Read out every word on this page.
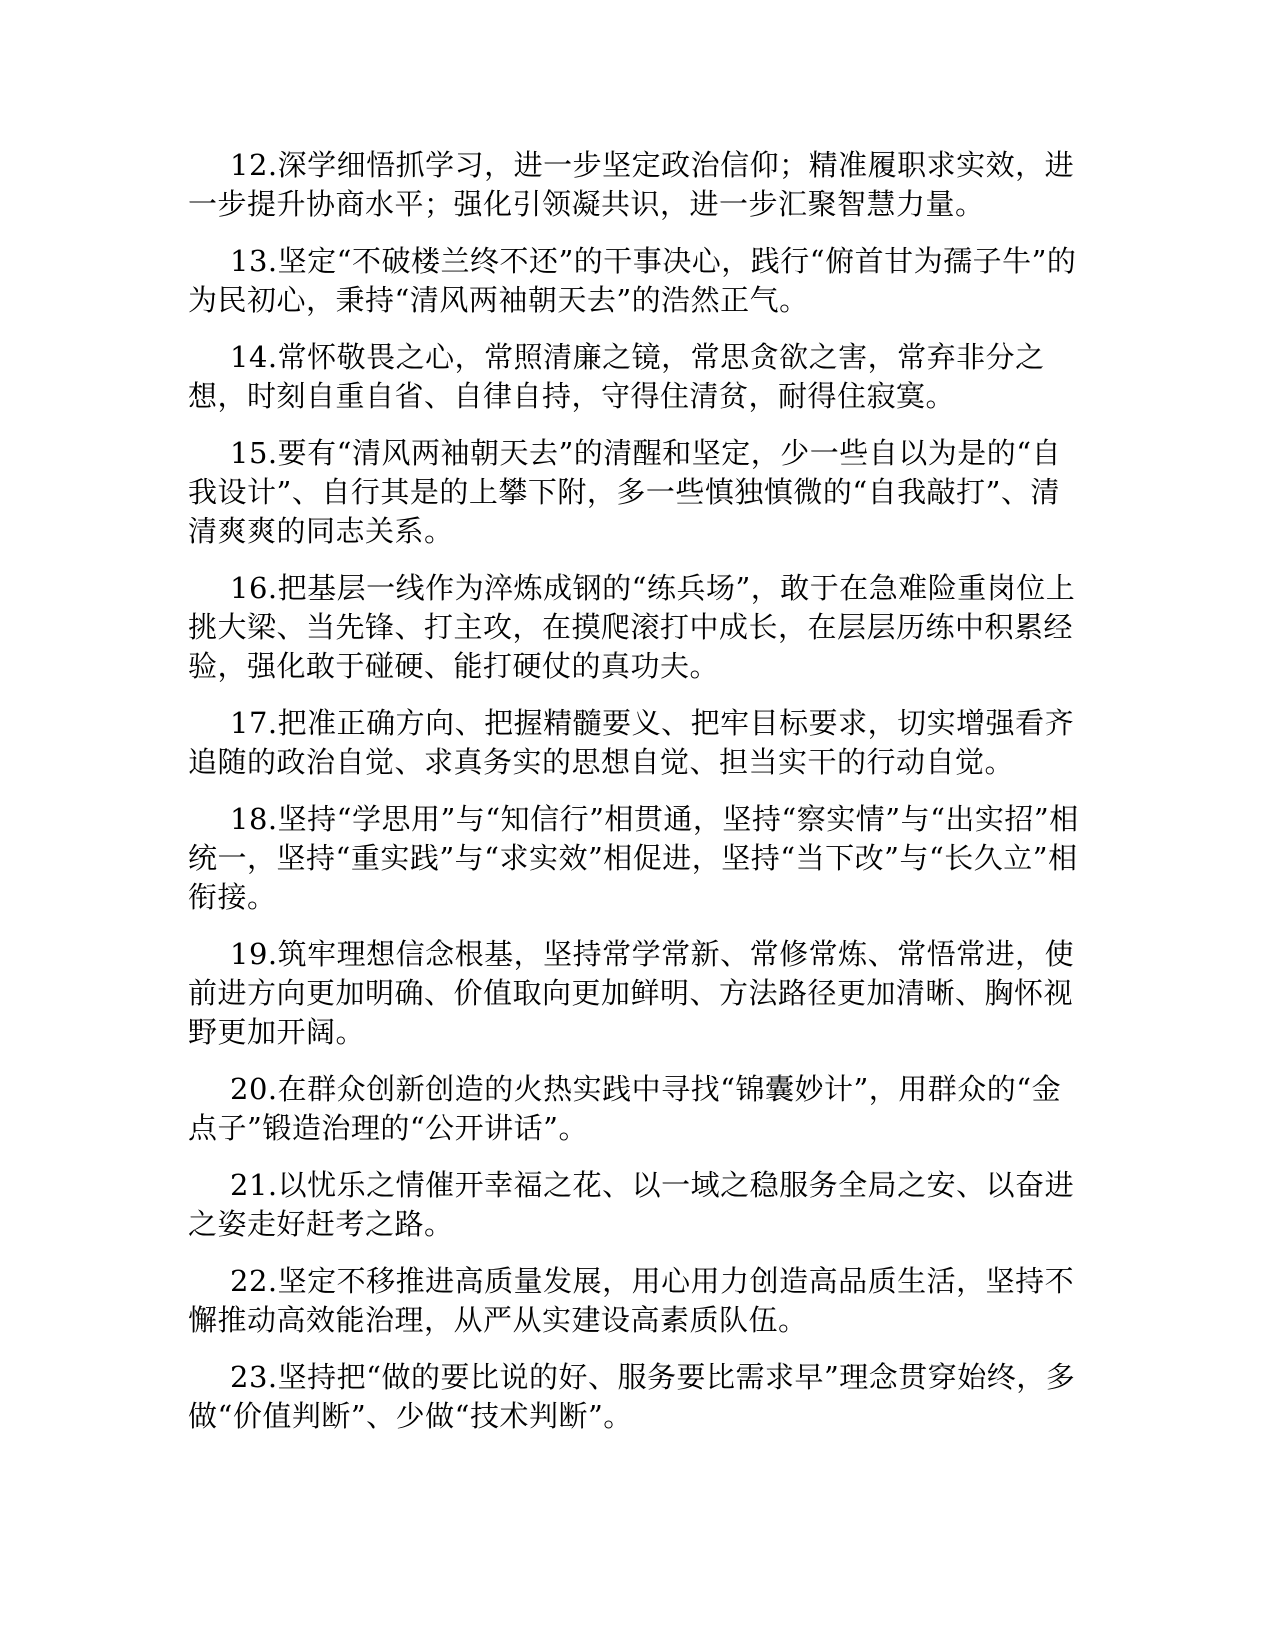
12.深学细悟抓学习，进一步坚定政治信仰；精准履职求实效，进一步提升协商水平；强化引领凝共识，进一步汇聚智慧力量。

13.坚定“不破楼兰终不还”的干事决心，践行“俯首甘为孺子牛”的为民初心，秉持“清风两袖朝天去”的浩然正气。

14.常怀敬畏之心，常照清廉之镜，常思贪欲之害，常弃非分之想，时刻自重自省、自律自持，守得住清贫，耐得住寂寞。

15.要有“清风两袖朝天去”的清醒和坚定，少一些自以为是的“自我设计”、自行其是的上攀下附，多一些慎独慎微的“自我敲打”、清清爽爽的同志关系。

16.把基层一线作为淬炼成钢的“练兵场”，敢于在急难险重岗位上挑大梁、当先锋、打主攻，在摸爬滚打中成长，在层层历练中积累经验，强化敢于碰硬、能打硬仗的真功夫。

17.把准正确方向、把握精髓要义、把牢目标要求，切实增强看齐追随的政治自觉、求真务实的思想自觉、担当实干的行动自觉。

18.坚持“学思用”与“知信行”相贯通，坚持“察实情”与“出实招”相统一，坚持“重实践”与“求实效”相促进，坚持“当下改”与“长久立”相衔接。

19.筑牢理想信念根基，坚持常学常新、常修常炼、常悟常进，使前进方向更加明确、价值取向更加鲜明、方法路径更加清晰、胸怀视野更加开阔。

20.在群众创新创造的火热实践中寻找“锦囊妙计”，用群众的“金点子”锻造治理的“公开讲话”。

21.以忧乐之情催开幸福之花、以一域之稳服务全局之安、以奋进之姿走好赶考之路。

22.坚定不移推进高质量发展，用心用力创造高品质生活，坚持不懈推动高效能治理，从严从实建设高素质队伍。

23.坚持把“做的要比说的好、服务要比需求早”理念贯穿始终，多做“价值判断”、少做“技术判断”。
